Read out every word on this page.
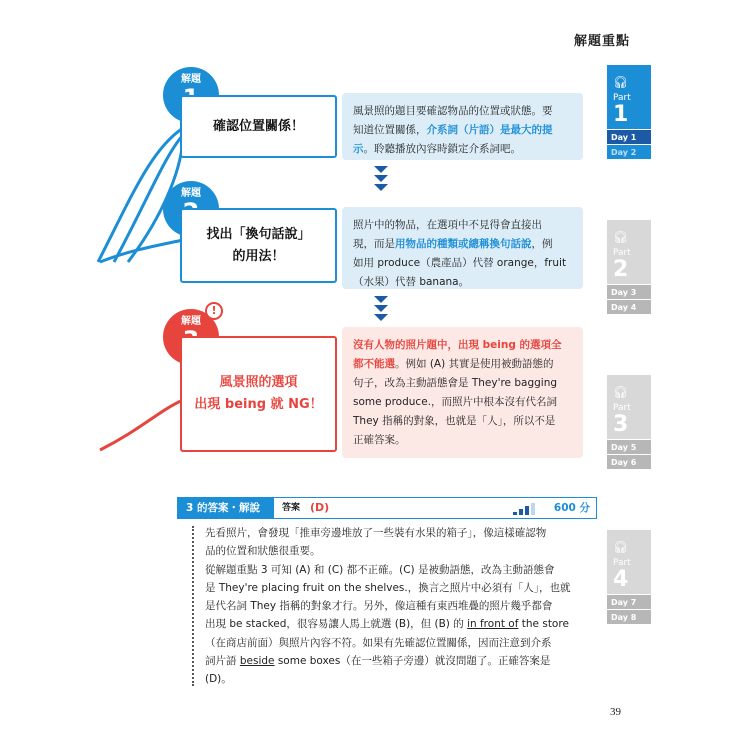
解題重點
解題
確認位置關係！
風景照的題目要確認物品的位置或狀態。要
知道位置關係，介系詞（片語）是最大的提
示。聆聽播放內容時鎖定介系詞吧。
解題
找出「換句話說」
的用法！
照片中的物品，在選項中不見得會直接出
現，而是用物品的種類或總稱換句話說，例
如用 produce（農產品）代替 orange，fruit
（水果）代替 banana。
解題
!
風景照的選項
出現 being 就 NG！
沒有人物的照片題中，出現 being 的選項全
都不能選。例如 (A) 其實是使用被動語態的
句子，改為主動語態會是 They're bagging
some produce.，而照片中根本沒有代名詞
They 指稱的對象，也就是「人」，所以不是
正確答案。
🎧︎
Part
1
Day 1
Day 2
🎧︎
Part
2
Day 3
Day 4
🎧︎
Part
3
Day 5
Day 6
🎧︎
Part
4
Day 7
Day 8
3 的答案・解說	答案 (D)	600 分

先看照片，會發現「推車旁邊堆放了一些裝有水果的箱子」，像這樣確認物
品的位置和狀態很重要。

從解題重點 3 可知 (A) 和 (C) 都不正確。(C) 是被動語態，改為主動語態會
是 They're placing fruit on the shelves.，換言之照片中必須有「人」，也就
是代名詞 They 指稱的對象才行。另外，像這種有東西堆疊的照片幾乎都會
出現 be stacked，很容易讓人馬上就選 (B)，但 (B) 的 in front of the store
（在商店前面）與照片內容不符。如果有先確認位置關係，因而注意到介系
詞片語 beside some boxes（在一些箱子旁邊）就沒問題了。正確答案是
(D)。

39
